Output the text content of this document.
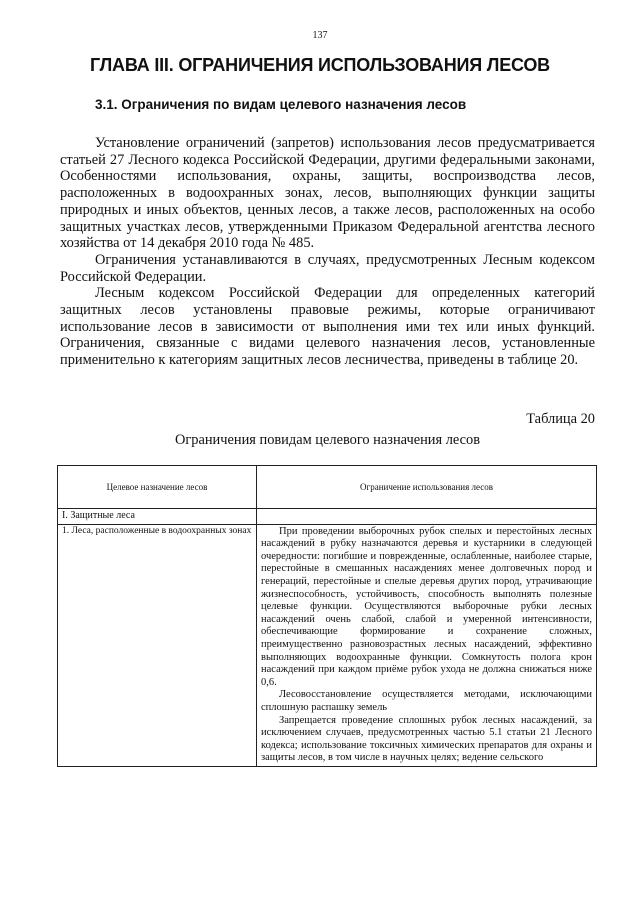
137
ГЛАВА III. ОГРАНИЧЕНИЯ ИСПОЛЬЗОВАНИЯ ЛЕСОВ
3.1. Ограничения по видам целевого назначения лесов

Установление ограничений (запретов) использования лесов предусматривается статьей 27 Лесного кодекса Российской Федерации, другими федеральными законами, Особенностями использования, охраны, защиты, воспроизводства лесов, расположенных в водоохранных зонах, лесов, выполняющих функции защиты природных и иных объектов, ценных лесов, а также лесов, расположенных на особо защитных участках лесов, утвержденными Приказом Федеральной агентства лесного хозяйства от 14 декабря 2010 года № 485.

Ограничения устанавливаются в случаях, предусмотренных Лесным кодексом Российской Федерации.

Лесным кодексом Российской Федерации для определенных категорий защитных лесов установлены правовые режимы, которые ограничивают использование лесов в зависимости от выполнения ими тех или иных функций. Ограничения, связанные с видами целевого назначения лесов, установленные применительно к категориям защитных лесов лесничества, приведены в таблице 20.

Таблица 20
Ограничения повидам целевого назначения лесов
Целевое назначение лесов	Ограничение использования лесов
I. Защитные леса	
1. Леса, расположенные в водоохранных зонах	При проведении выборочных рубок спелых и перестойных лесных насаждений в рубку назначаются деревья и кустарники в следующей очередности: погибшие и поврежденные, ослабленные, наиболее старые, перестойные в смешанных насаждениях менее долговечных пород и генераций, перестойные и спелые деревья других пород, утрачивающие жизнеспособность, устойчивость, способность выполнять полезные целевые функции. Осуществляются выборочные рубки лесных насаждений очень слабой, слабой и умеренной интенсивности, обеспечивающие формирование и сохранение сложных, преимущественно разновозрастных лесных насаждений, эффективно выполняющих водоохранные функции. Сомкнутость полога крон насаждений при каждом приёме рубок ухода не должна снижаться ниже 0,6.

Лесовосстановление осуществляется методами, исключающими сплошную распашку земель

Запрещается проведение сплошных рубок лесных насаждений, за исключением случаев, предусмотренных частью 5.1 статьи 21 Лесного кодекса; использование токсичных химических препаратов для охраны и защиты лесов, в том числе в научных целях; ведение сельского
